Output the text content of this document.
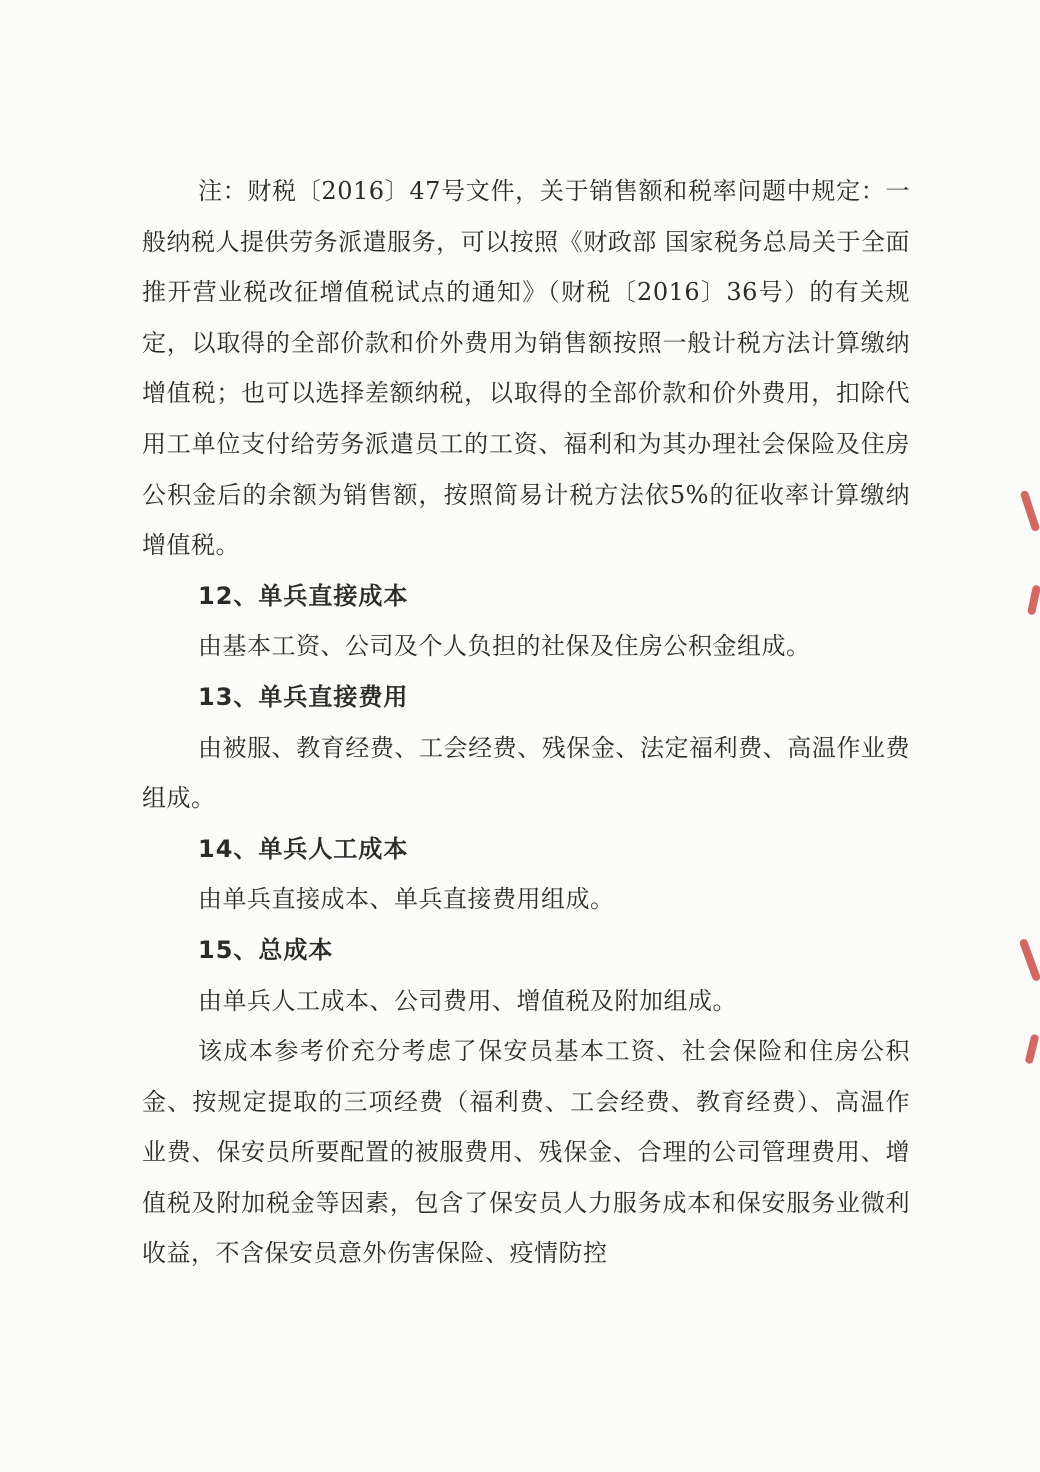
注：财税〔2016〕47号文件，关于销售额和税率问题中规定：一般纳税人提供劳务派遣服务，可以按照《财政部 国家税务总局关于全面推开营业税改征增值税试点的通知》（财税〔2016〕36号）的有关规定，以取得的全部价款和价外费用为销售额按照一般计税方法计算缴纳增值税；也可以选择差额纳税，以取得的全部价款和价外费用，扣除代用工单位支付给劳务派遣员工的工资、福利和为其办理社会保险及住房公积金后的余额为销售额，按照简易计税方法依5%的征收率计算缴纳增值税。

12、单兵直接成本

由基本工资、公司及个人负担的社保及住房公积金组成。

13、单兵直接费用

由被服、教育经费、工会经费、残保金、法定福利费、高温作业费组成。

14、单兵人工成本

由单兵直接成本、单兵直接费用组成。

15、总成本

由单兵人工成本、公司费用、增值税及附加组成。

该成本参考价充分考虑了保安员基本工资、社会保险和住房公积金、按规定提取的三项经费（福利费、工会经费、教育经费）、高温作业费、保安员所要配置的被服费用、残保金、合理的公司管理费用、增值税及附加税金等因素，包含了保安员人力服务成本和保安服务业微利收益，不含保安员意外伤害保险、疫情防控
